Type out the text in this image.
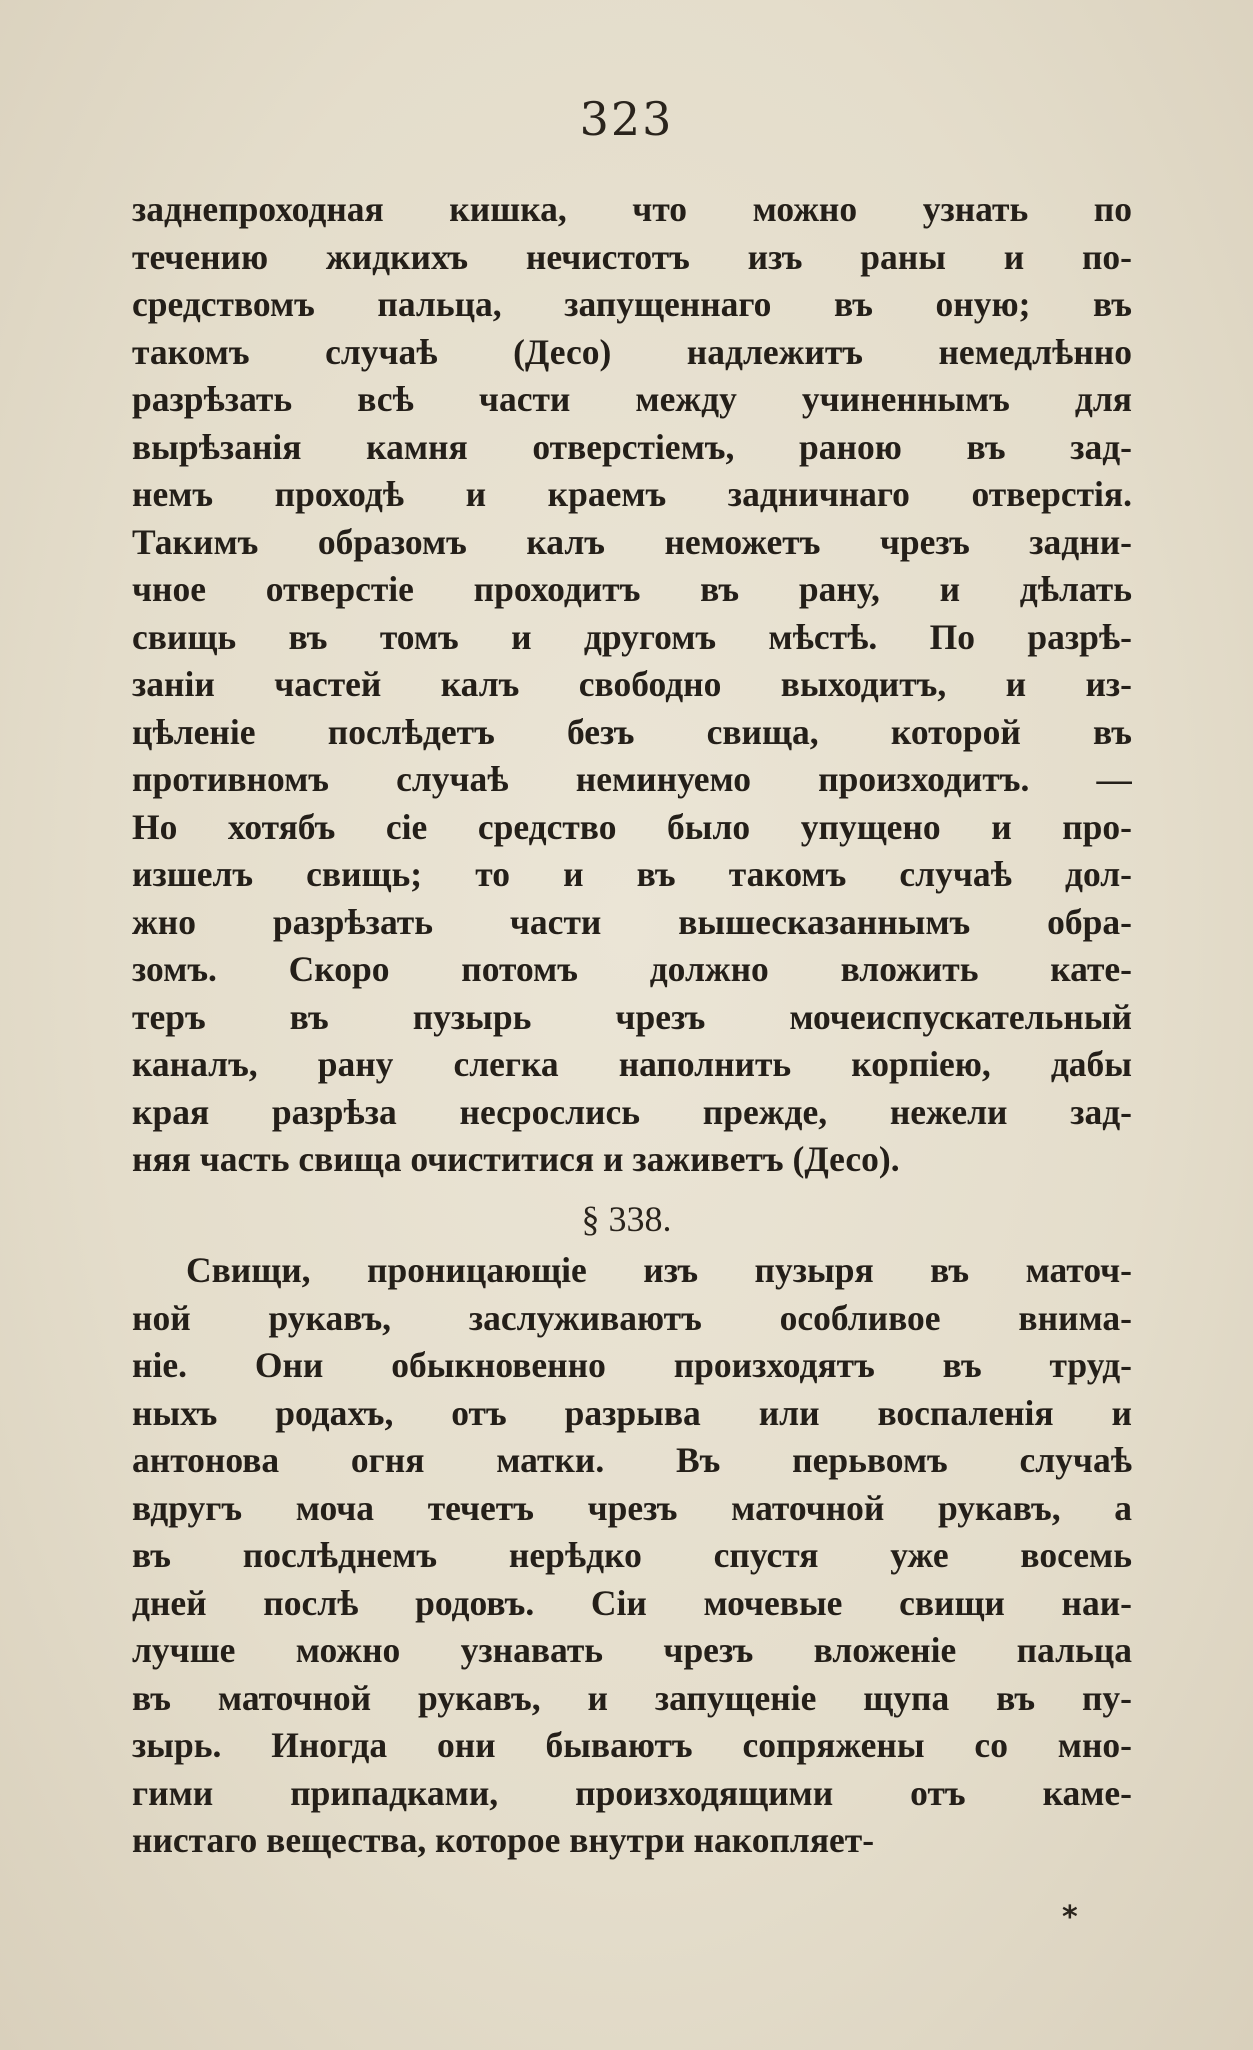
323
заднепроходная кишка, что можно узнать по
течению жидкихъ нечистотъ изъ раны и по-
средствомъ пальца, запущеннаго въ оную; въ
такомъ случаѣ (Десо) надлежитъ немедлѣнно
разрѣзать всѣ части между учиненнымъ для
вырѣзанія камня отверстіемъ, раною въ зад-
немъ проходѣ и краемъ задничнаго отверстія.
Такимъ образомъ калъ неможетъ чрезъ задни-
чное отверстіе проходитъ въ рану, и дѣлать
свищь въ томъ и другомъ мѣстѣ. По разрѣ-
заніи частей калъ свободно выходитъ, и из-
цѣленіе послѣдетъ безъ свища, которой въ
противномъ случаѣ неминуемо произходитъ. —
Но хотябъ сіе средство было упущено и про-
изшелъ свищь; то и въ такомъ случаѣ дол-
жно разрѣзать части вышесказаннымъ обра-
зомъ. Скоро потомъ должно вложить кате-
теръ въ пузырь чрезъ мочеиспускательный
каналъ, рану слегка наполнить корпіею, дабы
края разрѣза несрослись прежде, нежели зад-
няя часть свища очиститися и заживетъ (Десо).
§ 338.
Свищи, проницающіе изъ пузыря въ маточ-
ной рукавъ, заслуживаютъ особливое внима-
ніе. Они обыкновенно произходятъ въ труд-
ныхъ родахъ, отъ разрыва или воспаленія и
антонова огня матки. Въ перьвомъ случаѣ
вдругъ моча течетъ чрезъ маточной рукавъ, а
въ послѣднемъ нерѣдко спустя уже восемь
дней послѣ родовъ. Сіи мочевые свищи наи-
лучше можно узнавать чрезъ вложеніе пальца
въ маточной рукавъ, и запущеніе щупа въ пу-
зырь. Иногда они бываютъ сопряжены со мно-
гими припадками, произходящими отъ каме-
нистаго вещества, которое внутри накопляет-
*
